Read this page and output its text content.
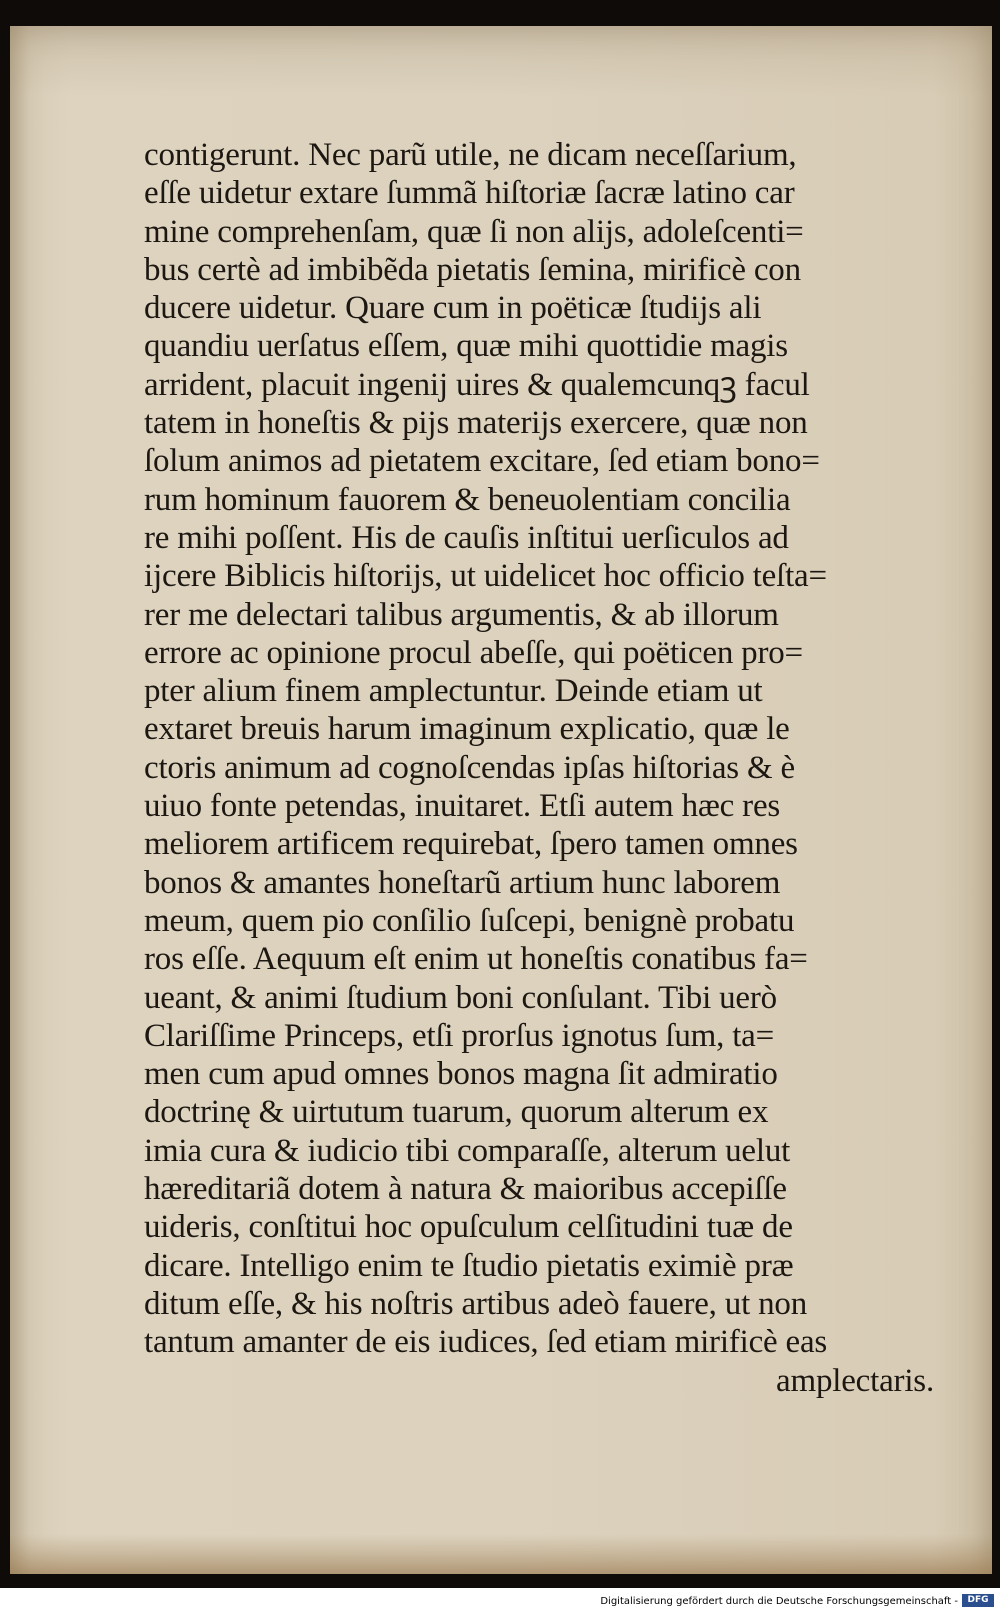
contigerunt. Nec parũ utile, ne dicam neceſſarium,
eſſe uidetur extare ſummã hiſtoriæ ſacræ latino car
mine comprehenſam, quæ ſi non alĳs, adoleſcenti=
bus certè ad imbibẽda pietatis ſemina, mirificè con
ducere uidetur. Quare cum in poëticæ ſtudĳs ali
quandiu uerſatus eſſem, quæ mihi quottidie magis
arrident, placuit ingenĳ uires & qualemcunqꝫ facul
tatem in honeſtis & pĳs materĳs exercere, quæ non
ſolum animos ad pietatem excitare, ſed etiam bono=
rum hominum fauorem & beneuolentiam concilia
re mihi poſſent. His de cauſis inſtitui uerſiculos ad
ĳcere Biblicis hiſtorĳs, ut uidelicet hoc officio teſta=
rer me delectari talibus argumentis, & ab illorum
errore ac opinione procul abeſſe, qui poëticen pro=
pter alium finem amplectuntur. Deinde etiam ut
extaret breuis harum imaginum explicatio, quæ le
ctoris animum ad cognoſcendas ipſas hiſtorias & è
uiuo fonte petendas, inuitaret. Etſi autem hæc res
meliorem artificem requirebat, ſpero tamen omnes
bonos & amantes honeſtarũ artium hunc laborem
meum, quem pio conſilio ſuſcepi, benignè probatu
ros eſſe. Aequum eſt enim ut honeſtis conatibus fa=
ueant, & animi ſtudium boni conſulant. Tibi uerò
Clariſſime Princeps, etſi prorſus ignotus ſum, ta=
men cum apud omnes bonos magna ſit admiratio
doctrinę & uirtutum tuarum, quorum alterum ex
imia cura & iudicio tibi comparaſſe, alterum uelut
hæreditariã dotem à natura & maioribus accepiſſe
uideris, conſtitui hoc opuſculum celſitudini tuæ de
dicare. Intelligo enim te ſtudio pietatis eximiè præ
ditum eſſe, & his noſtris artibus adeò fauere, ut non
tantum amanter de eis iudices, ſed etiam mirificè eas
amplectaris.
Digitalisierung gefördert durch die Deutsche Forschungsgemeinschaft -	DFG
